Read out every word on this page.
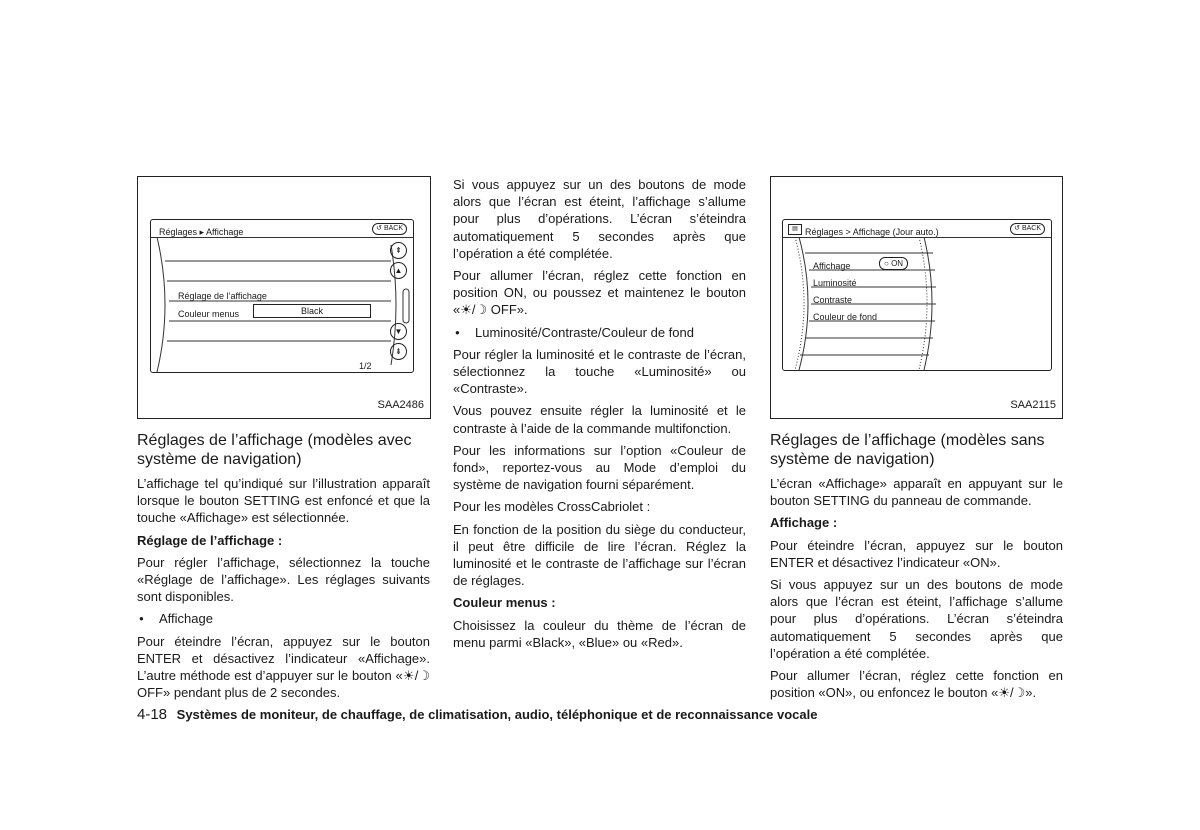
Réglages ▸ Affichage	↺ BACK
Réglage de l’affichage
Couleur menus	Black
⇞
▲
▼
⇟
1/2
SAA2486
Réglages de l’affichage (modèles avec système de navigation)

L’affichage tel qu’indiqué sur l’illustration apparaît lorsque le bouton SETTING est enfoncé et que la touche «Affichage» est sélectionnée.

Réglage de l’affichage :

Pour régler l’affichage, sélectionnez la touche «Réglage de l’affichage». Les réglages suivants sont disponibles.

● Affichage

Pour éteindre l’écran, appuyez sur le bouton ENTER et désactivez l’indicateur «Affichage». L’autre méthode est d’appuyer sur le bouton «☀/☽ OFF» pendant plus de 2 secondes.

Si vous appuyez sur un des boutons de mode alors que l’écran est éteint, l’affichage s’allume pour plus d’opérations. L’écran s’éteindra automatiquement 5 secondes après que l’opération a été complétée.

Pour allumer l’écran, réglez cette fonction en position ON, ou poussez et maintenez le bouton «☀/☽ OFF».

● Luminosité/Contraste/Couleur de fond

Pour régler la luminosité et le contraste de l’écran, sélectionnez la touche «Luminosité» ou «Contraste».

Vous pouvez ensuite régler la luminosité et le contraste à l’aide de la commande multifonction.

Pour les informations sur l’option «Couleur de fond», reportez-vous au Mode d’emploi du système de navigation fourni séparément.

Pour les modèles CrossCabriolet :

En fonction de la position du siège du conducteur, il peut être difficile de lire l’écran. Réglez la luminosité et le contraste de l’affichage sur l’écran de réglages.

Couleur menus :

Choisissez la couleur du thème de l’écran de menu parmi «Black», «Blue» ou «Red».

Réglages > Affichage (Jour auto.)
▤	↺ BACK
Affichage	○ ON
Luminosité
Contraste
Couleur de fond
SAA2115
Réglages de l’affichage (modèles sans système de navigation)

L’écran «Affichage» apparaît en appuyant sur le bouton SETTING du panneau de commande.

Affichage :

Pour éteindre l’écran, appuyez sur le bouton ENTER et désactivez l’indicateur «ON».

Si vous appuyez sur un des boutons de mode alors que l’écran est éteint, l’affichage s’allume pour plus d’opérations. L’écran s’éteindra automatiquement 5 secondes après que l’opération a été complétée.

Pour allumer l’écran, réglez cette fonction en position «ON», ou enfoncez le bouton «☀/☽».

4-18 Systèmes de moniteur, de chauffage, de climatisation, audio, téléphonique et de reconnaissance vocale
